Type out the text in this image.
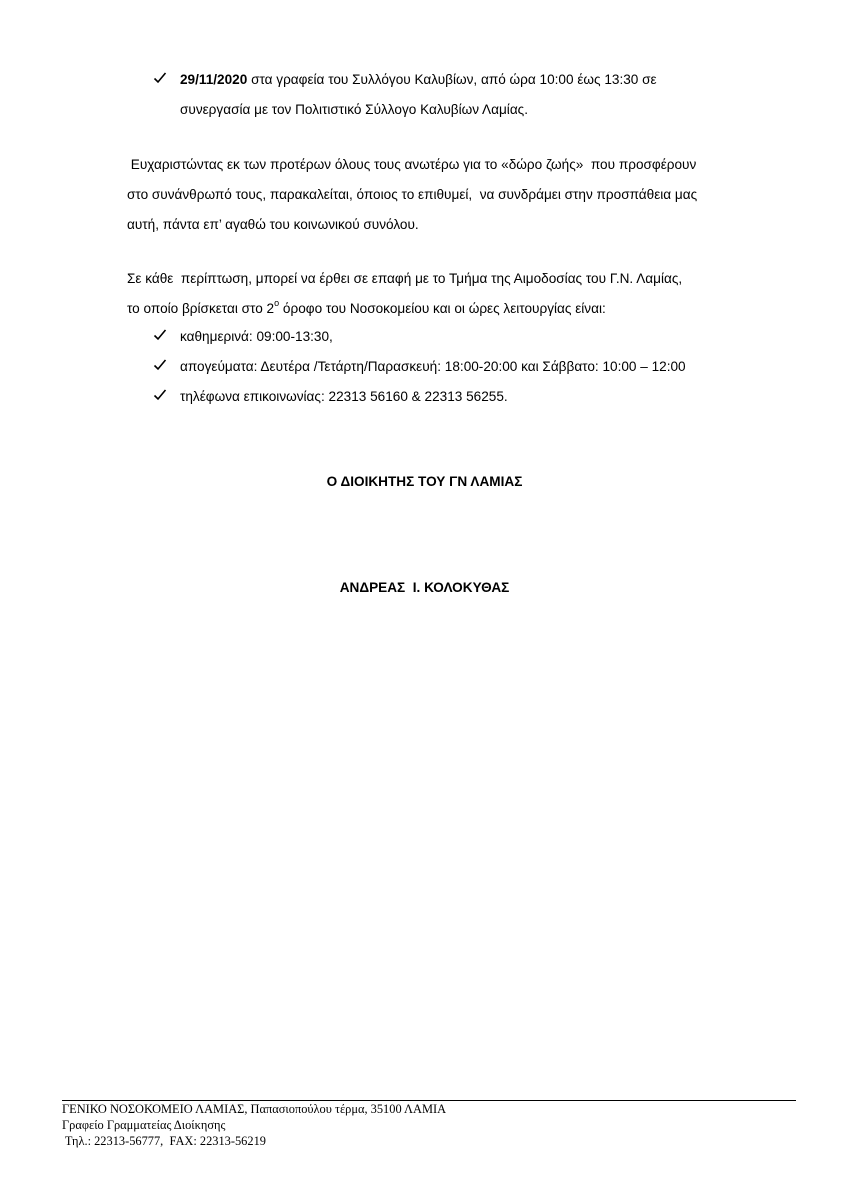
29/11/2020 στα γραφεία του Συλλόγου Καλυβίων, από ώρα 10:00 έως 13:30 σε
συνεργασία με τον Πολιτιστικό Σύλλογο Καλυβίων Λαμίας.
Ευχαριστώντας εκ των προτέρων όλους τους ανωτέρω για το «δώρο ζωής»  που προσφέρουν
στο συνάνθρωπό τους, παρακαλείται, όποιος το επιθυμεί,  να συνδράμει στην προσπάθεια μας
αυτή, πάντα επ’ αγαθώ του κοινωνικού συνόλου.
Σε κάθε  περίπτωση, μπορεί να έρθει σε επαφή με το Τμήμα της Αιμοδοσίας του Γ.Ν. Λαμίας,
το οποίο βρίσκεται στο $2^o$ όροφο του Νοσοκομείου και οι ώρες λειτουργίας είναι:
καθημερινά: 09:00-13:30,
απογεύματα: Δευτέρα /Τετάρτη/Παρασκευή: 18:00-20:00 και Σάββατο: 10:00 – 12:00
τηλέφωνα επικοινωνίας: 22313 56160 & 22313 56255.
Ο ΔΙΟΙΚΗΤΗΣ ΤΟΥ ΓΝ ΛΑΜΙΑΣ
ΑΝΔΡΕΑΣ  Ι. ΚΟΛΟΚΥΘΑΣ
ΓΕΝΙΚΟ ΝΟΣΟΚΟΜΕΙΟ ΛΑΜΙΑΣ, Παπασιοπούλου τέρμα, 35100 ΛΑΜΙΑ
Γραφείο Γραμματείας Διοίκησης
Τηλ.: 22313-56777,  FAX: 22313-56219
